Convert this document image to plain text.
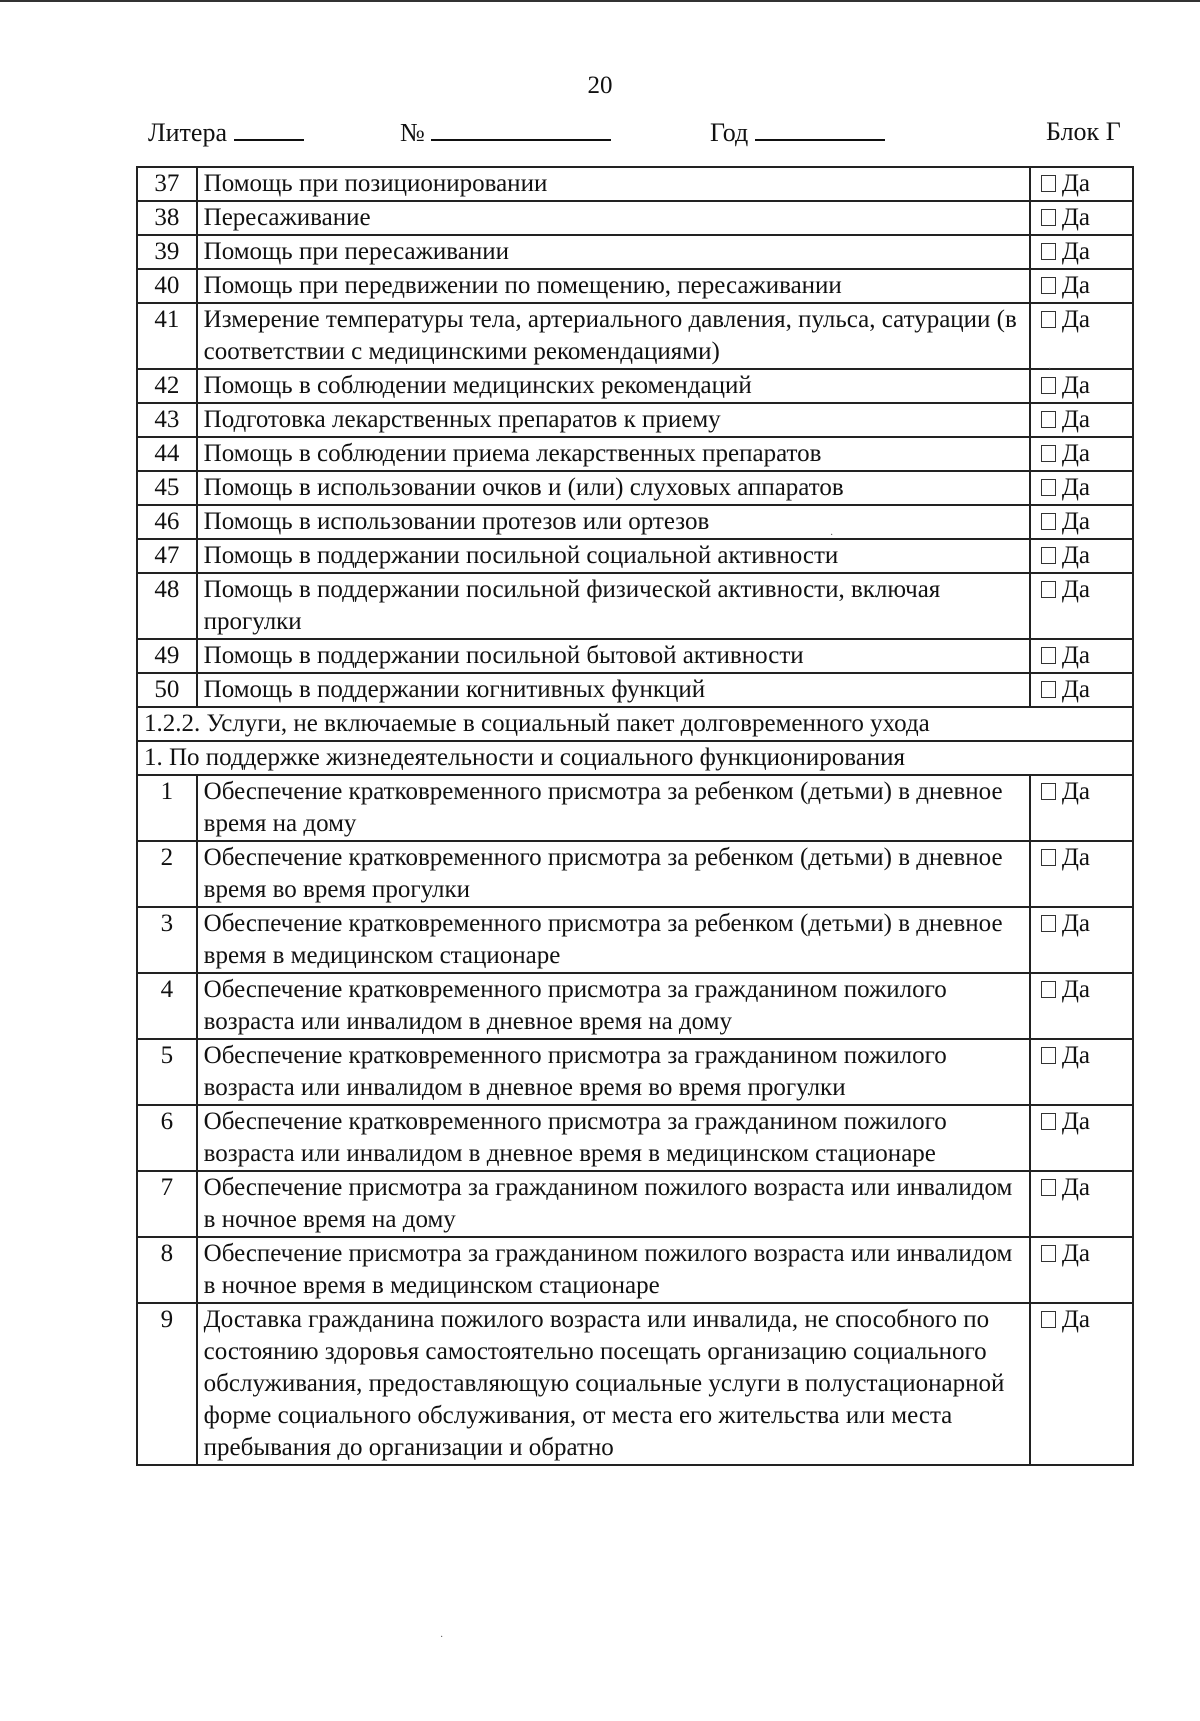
20
Литера	№	Год	Блок Г
37	Помощь при позиционировании	Да
38	Пересаживание	Да
39	Помощь при пересаживании	Да
40	Помощь при передвижении по помещению, пересаживании	Да
41	Измерение температуры тела, артериального давления, пульса, сатурации (в соответствии с медицинскими рекомендациями)	Да
42	Помощь в соблюдении медицинских рекомендаций	Да
43	Подготовка лекарственных препаратов к приему	Да
44	Помощь в соблюдении приема лекарственных препаратов	Да
45	Помощь в использовании очков и (или) слуховых аппаратов	Да
46	Помощь в использовании протезов или ортезов	Да
47	Помощь в поддержании посильной социальной активности	Да
48	Помощь в поддержании посильной физической активности, включая прогулки	Да
49	Помощь в поддержании посильной бытовой активности	Да
50	Помощь в поддержании когнитивных функций	Да
1.2.2. Услуги, не включаемые в социальный пакет долговременного ухода		
1. По поддержке жизнедеятельности и социального функционирования		
1	Обеспечение кратковременного присмотра за ребенком (детьми) в дневное время на дому	Да
2	Обеспечение кратковременного присмотра за ребенком (детьми) в дневное время во время прогулки	Да
3	Обеспечение кратковременного присмотра за ребенком (детьми) в дневное время в медицинском стационаре	Да
4	Обеспечение кратковременного присмотра за гражданином пожилого возраста или инвалидом в дневное время на дому	Да
5	Обеспечение кратковременного присмотра за гражданином пожилого возраста или инвалидом в дневное время во время прогулки	Да
6	Обеспечение кратковременного присмотра за гражданином пожилого возраста или инвалидом в дневное время в медицинском стационаре	Да
7	Обеспечение присмотра за гражданином пожилого возраста или инвалидом в ночное время на дому	Да
8	Обеспечение присмотра за гражданином пожилого возраста или инвалидом в ночное время в медицинском стационаре	Да
9	Доставка гражданина пожилого возраста или инвалида, не способного по состоянию здоровья самостоятельно посещать организацию социального обслуживания, предоставляющую социальные услуги в полустационарной форме социального обслуживания, от места его жительства или места пребывания до организации и обратно	Да
·
·
·
